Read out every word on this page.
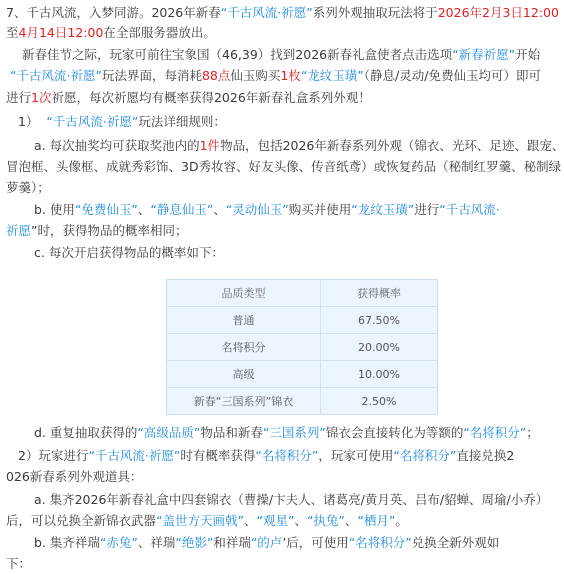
7、千古风流，入梦同游。2026年新春“千古风流·祈愿”系列外观抽取玩法将于2026年2月3日12:00
至4月14日12:00在全部服务器放出。
新春佳节之际，玩家可前往宝象国（46,39）找到2026新春礼盒使者点击选项“新春祈愿”开始
“千古风流·祈愿”玩法界面，每消耗88点仙玉购买1枚“龙纹玉璜”（静息/灵动/免费仙玉均可）即可
进行1次祈愿，每次祈愿均有概率获得2026年新春礼盒系列外观！
1） “千古风流·祈愿”玩法详细规则：
a. 每次抽奖均可获取奖池内的1件物品，包括2026年新春系列外观（锦衣、光环、足迹、跟宠、
冒泡框、头像框、成就秀彩饰、3D秀妆容、好友头像、传音纸鸢）或恢复药品（秘制红罗羹、秘制绿
萝羹）；
b. 使用“免费仙玉”、“静息仙玉”、“灵动仙玉”购买并使用“龙纹玉璜”进行“千古风流·
祈愿”时，获得物品的概率相同；
c. 每次开启获得物品的概率如下：
品质类型	获得概率
普通	67.50%
名将积分	20.00%
高级	10.00%
新春“三国系列”锦衣	2.50%
d. 重复抽取获得的“高级品质”物品和新春“三国系列”锦衣会直接转化为等额的“名将积分”；
2）玩家进行“千古风流·祈愿”时有概率获得“名将积分”，玩家可使用“名将积分”直接兑换2
026新春系列外观道具：
a. 集齐2026年新春礼盒中四套锦衣（曹操/卞夫人、诸葛亮/黄月英、吕布/貂蝉、周瑜/小乔）
后，可以兑换全新锦衣武器“盖世方天画戟”、“观星”、“执兔”、“栖月”。
b. 集齐祥瑞“赤兔”、祥瑞“绝影”和祥瑞“的卢’后，可使用“名将积分”兑换全新外观如
下：
